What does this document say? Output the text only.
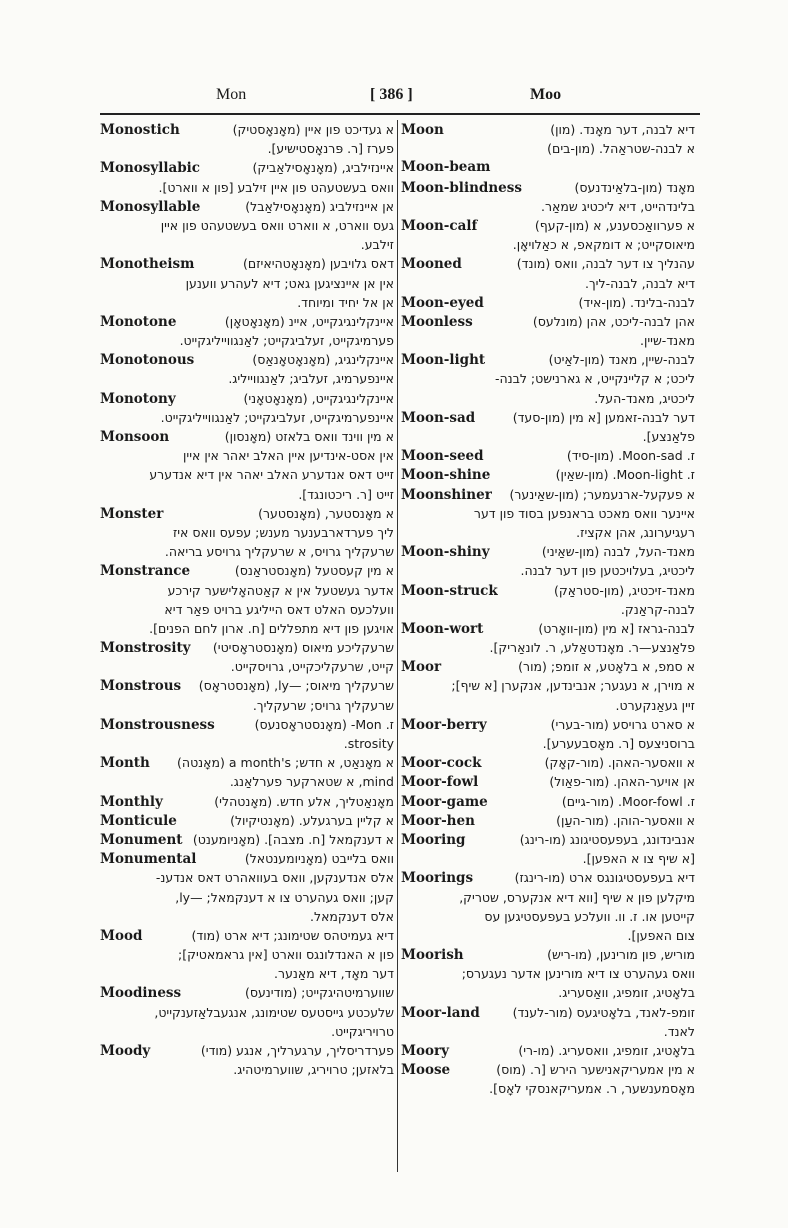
Mon	[ 386 ]	Moo
Monostich	א געדיכט פון איין (מאָנאָסטיק)
פערז [ר. פּרנאָסטישיע].
Monosyllabic	איינזילביג, (מאָנאָסילאַביק)
וואס בעשטעהט פון איין זילבע [פון א ווארט].
Monosyllable	אן איינזילביג (מאָנאָסילאַבל)
געס ווארט, א ווארט וואס בעשטעהט פון איין
זילבע.
Monotheism	דאס גלויבען (מאָנאָטהיאיזם)
אין אן איינציגען גאט; דיא לעהרע ווענען
אן אל יחיד ומיוחד.
Monotone	איינקלינגיגקייט, איינ (מאָנאָטאָן)
פערמיגקייט, זעלביגקייט; לאַנגווייליגקייט.
Monotonous	איינקלינגיג, (מאָנאָטאָנאַס)
איינפערמיג, זעלביג; לאַנגווייליג.
Monotony	איינקלינגיגקייט, (מאָנאָטאָני)
איינפערמיגקייט, זעלביגקייט; לאַנגווייליגקייט.
Monsoon	א מין ווינד וואס בלאזט (מאָנסון)
אין אסט-אינדיען איין האלב יאהר אין איין
זייט דאס אנדערע האלב יאהר אין דיא אנדערע
זייט [ר. ריכטונגד].
Monster	א מאָנסטער, (מאָנסטער)
ליך פערדארבענער מענש; עפעס וואס איז
שרעקליך גרויס, א שרעקליך גרויסע בריאה.
Monstrance	א מין קעסטעל (מאָנסטראַנס)
אדער געשטעל אין א קאַטהאָלישער קירכע
וועלכעס האלט דאס הייליגע ברויט פאַר דיא
אויגען פון דיא מתפללים [ח. ארון לחם הפנים].
Monstrosity שרעקליכע מיאוס (מאָנסטראָסיטי)
קייט, שרעקליכקייט, גרויסקייט.
Monstrous שרעקליך מיאוס; —ly, (מאָנסטראָס)
שרעקליך גרויס; שרעקליך.
Monstrousness	ז. Mon- (מאָנסטראָסנעס)
strosity.
Month א מאָנאַט, א חדש; a month's (מאָנטה)
mind, א שטארקער פערלאַנג.
Monthly	מאָנאַטליך, אלע חדש. (מאָנטהלי)
Monticule	א קליין בערגעלע. (מאָנטיקיול)
Monument א דענקמאל [ח. מצבה]. (מאָניומענט)
Monumental	וואס בלייבט (מאָניומענטאל)
אלס אנדענקען, וואס בעוואהרט דאס אנדענ-
קען; וואס געהערט צו א דענקמאל; —ly,
אלס דענקמאל.
Mood	דיא געמיטהס שטימונג; דיא ארט (מוד)
פון א האנדלונגס ווארט [אין גראמאטיק];
דער מאָד, דיא מאַנער.
Moodiness	שווערמיטהיגקייט; (מודינעס)
שלעכטע גייסטעס שטימונג, אנגעבלאַזענקייט,
טרויריגקייט.
Moody	פערדריסליך, ערגערליך, אנגע (מודי)
בלאזען; טרויריג, שווערמיטהיג.
Moon	דיא לבנה, דער מאָנד. (מון)
א לבנה-שטראַהל. (מון-בים)
Moon-beam
Moon-blindness	מאָנד (מון-בלאַינדנעס)
בלינדהייט, דיא ליכטיג שמאַר.
Moon-calf	א פערוואַכסענע, א (מון-קעף)
מיאוסקייט; א דומקאפ, א כאַלויאָן.
Mooned	עהנליך צו דער לבנה, וואס (מונד)
דיא לבנה, לבנה-ליך.
Moon-eyed	לבנה-בלינד. (מון-איד)
Moonless	אהן לבנה-ליכט, אהן (מונלעס)
מאנד-שיין.
Moon-light	לבנה-שיין, מאנד (מון-לאַיט)
ליכט; א קליינקייט, א גארנישט; לבנה-
ליכטיג, מאנד-העל.
Moon-sad	דער לבנה-זאמען [א מין (מון-סעד)
פלאַנצע].
Moon-seed	ז. Moon-sad. (מון-סיד)
Moon-shine	ז. Moon-light. (מון-שאַין)
Moonshiner א פעקעל-ארנעמער; (מון-שאַינער)
איינער וואס מאכט בראנפען בסוד פון דער
רעגיערונג, אהן אקציז.
Moon-shiny	מאנד-העל, לבנה (מון-שאַיני)
ליכטיג, בעלויכטען פון דער לבנה.
Moon-struck	מאנד-זיכטיג, (מון-סטראַק)
לבנה-קראַנק.
Moon-wort	לבנה-גראז [א מין (מון-וואָרט)
פלאַנצע—ר. מאָנדטאַלע, ר. לונאַריק].
Moor	א סמפ, א בלאָטע, א זומפ; (מור)
א מוירן, א נעגער; אנבינדען, אנקערן [א שיף];
זיין געאַנקערט.
Moor-berry	א סארט גרויסע (מור-בערי)
ברוסניצעס [ר. מאָסבעערע].
Moor-cock	א וואסער-האהן. (מור-קאָק)
Moor-fowl	אן אויער-האהן. (מור-פאַול)
Moor-game	ז. Moor-fowl. (מור-גיים)
Moor-hen	א וואסער-הוהן. (מור-העַן)
Mooring	אנבינדונג, בעפעסטיגונג (מו-רינג)
[א שיף צו א האפען].
Moorings	דיא בעפעסטיגונגס ארט (מו-רינגז)
מיקלען פון א שיף [ווא דיא אנקערס, שטריק,
קייטען או. ז. וו. וועלכע בעפעסטיגען עס
צום האפען].
Moorish	מוריש, פון מורינען, (מו-ריש)
וואס געהערט צו דיא מורינען אדער נעגערס;
בלאָטיג, זומפיג, וואַסעריג.
Moor-land	זומפ-לאנד, בלאָטיגעס (מור-לענד)
לאנד.
Moory	בלאָטיג, זומפיג, וואסעריג. (מו-רי)
Moose	א מין אמעריקאנישער הירש [ר. (מוס)
מאָסמענשער, ר. אמעריקאנסקי לאָס].
